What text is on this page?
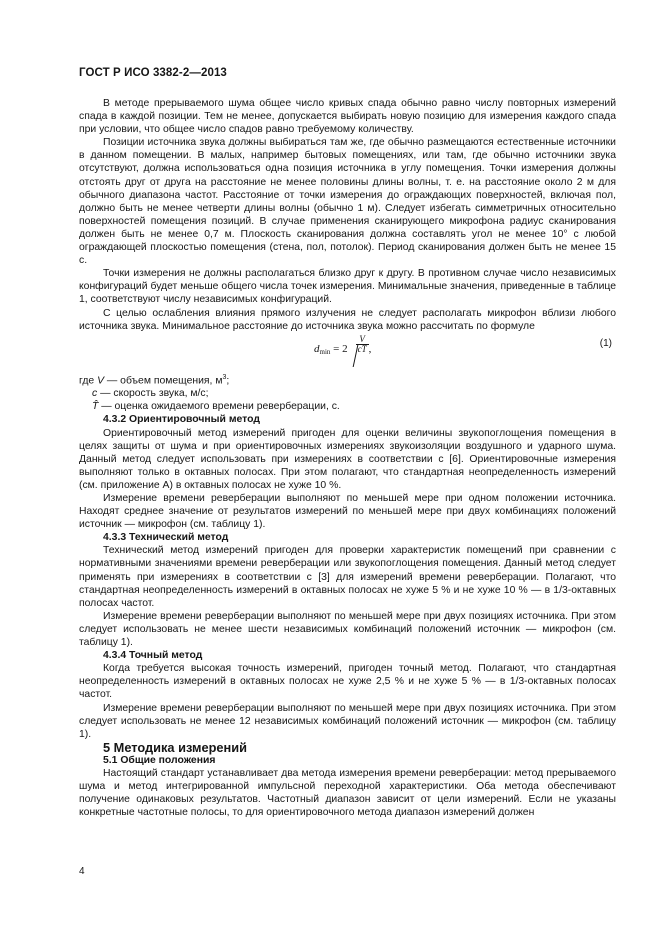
ГОСТ Р ИСО 3382-2—2013

В методе прерываемого шума общее число кривых спада обычно равно числу повторных измерений спада в каждой позиции. Тем не менее, допускается выбирать новую позицию для измерения каждого спада при условии, что общее число спадов равно требуемому количеству.

Позиции источника звука должны выбираться там же, где обычно размещаются естественные источники в данном помещении. В малых, например бытовых помещениях, или там, где обычно источники звука отсутствуют, должна использоваться одна позиция источника в углу помещения. Точки измерения должны отстоять друг от друга на расстояние не менее половины длины волны, т. е. на расстояние около 2 м для обычного диапазона частот. Расстояние от точки измерения до ограждающих поверхностей, включая пол, должно быть не менее четверти длины волны (обычно 1 м). Следует избегать симметричных относительно поверхностей помещения позиций. В случае применения сканирующего микрофона радиус сканирования должен быть не менее 0,7 м. Плоскость сканирования должна составлять угол не менее 10° с любой ограждающей плоскостью помещения (стена, пол, потолок). Период сканирования должен быть не менее 15 с.

Точки измерения не должны располагаться близко друг к другу. В противном случае число независимых конфигураций будет меньше общего числа точек измерения. Минимальные значения, приведенные в таблице 1, соответствуют числу независимых конфигураций.

С целью ослабления влияния прямого излучения не следует располагать микрофон вблизи любого источника звука. Минимальное расстояние до источника звука можно рассчитать по формуле

$d_{min} = 2$
V
cT̂ ,	(1)

где V — объем помещения, $м^3$;

c — скорость звука, м/с;

T̂ — оценка ожидаемого времени реверберации, с.

4.3.2 Ориентировочный метод

Ориентировочный метод измерений пригоден для оценки величины звукопоглощения помещения в целях защиты от шума и при ориентировочных измерениях звукоизоляции воздушного и ударного шума. Данный метод следует использовать при измерениях в соответствии с [6]. Ориентировочные измерения выполняют только в октавных полосах. При этом полагают, что стандартная неопределенность измерений (см. приложение А) в октавных полосах не хуже 10 %.

Измерение времени реверберации выполняют по меньшей мере при одном положении источника. Находят среднее значение от результатов измерений по меньшей мере при двух комбинациях положений источник — микрофон (см. таблицу 1).

4.3.3 Технический метод

Технический метод измерений пригоден для проверки характеристик помещений при сравнении с нормативными значениями времени реверберации или звукопоглощения помещения. Данный метод следует применять при измерениях в соответствии с [3] для измерений времени реверберации. Полагают, что стандартная неопределенность измерений в октавных полосах не хуже 5 % и не хуже 10 % — в 1/3-октавных полосах частот.

Измерение времени реверберации выполняют по меньшей мере при двух позициях источника. При этом следует использовать не менее шести независимых комбинаций положений источник — микрофон (см. таблицу 1).

4.3.4 Точный метод

Когда требуется высокая точность измерений, пригоден точный метод. Полагают, что стандартная неопределенность измерений в октавных полосах не хуже 2,5 % и не хуже 5 % — в 1/3-октавных полосах частот.

Измерение времени реверберации выполняют по меньшей мере при двух позициях источника. При этом следует использовать не менее 12 независимых комбинаций положений источник — микрофон (см. таблицу 1).

5 Методика измерений

5.1 Общие положения

Настоящий стандарт устанавливает два метода измерения времени реверберации: метод прерываемого шума и метод интегрированной импульсной переходной характеристики. Оба метода обеспечивают получение одинаковых результатов. Частотный диапазон зависит от цели измерений. Если не указаны конкретные частотные полосы, то для ориентировочного метода диапазон измерений должен

4
